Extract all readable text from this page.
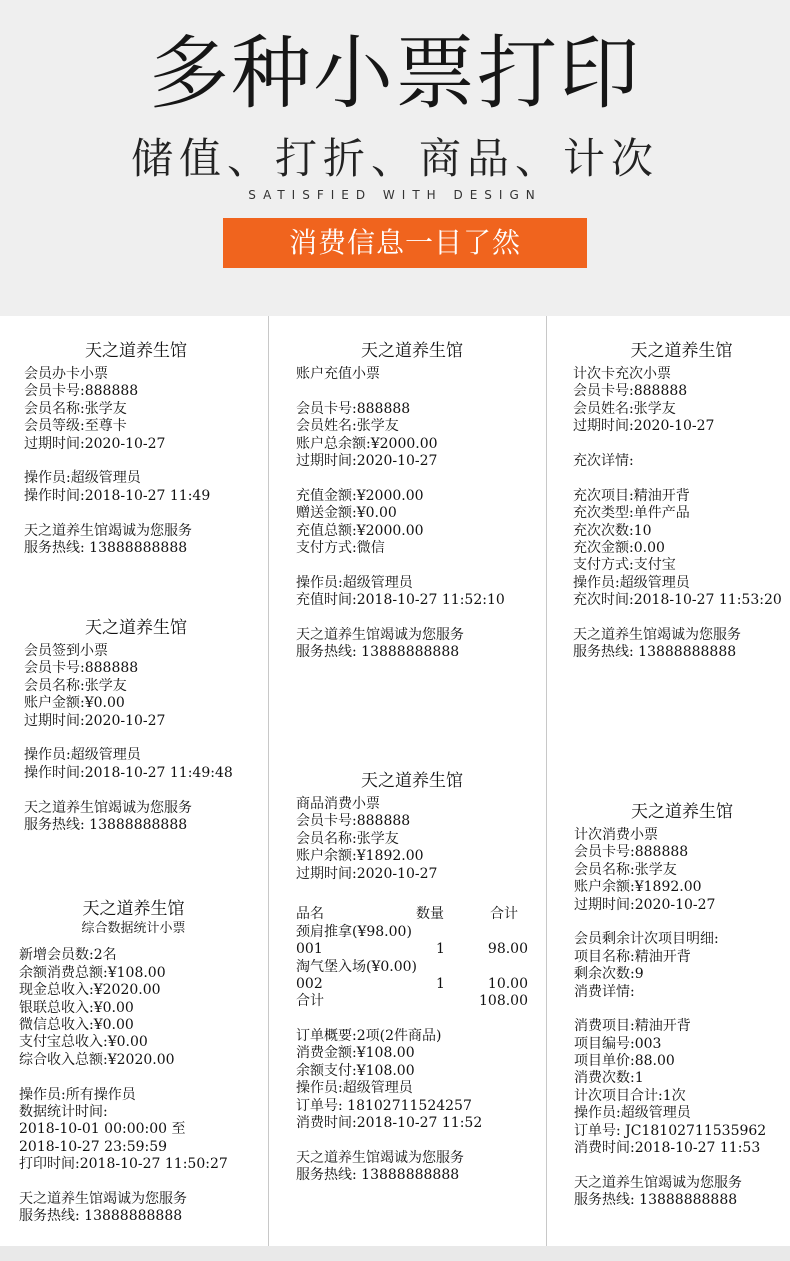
多种小票打印
储值、打折、商品、计次
SATISFIED WITH DESIGN
消费信息一目了然
天之道养生馆
会员办卡小票
会员卡号:888888
会员名称:张学友
会员等级:至尊卡
过期时间:2020-10-27
操作员:超级管理员
操作时间:2018-10-27 11:49
天之道养生馆竭诚为您服务
服务热线: 13888888888
天之道养生馆
会员签到小票
会员卡号:888888
会员名称:张学友
账户金额:¥0.00
过期时间:2020-10-27
操作员:超级管理员
操作时间:2018-10-27 11:49:48
天之道养生馆竭诚为您服务
服务热线: 13888888888
天之道养生馆
综合数据统计小票
新增会员数:2名
余额消费总额:¥108.00
现金总收入:¥2020.00
银联总收入:¥0.00
微信总收入:¥0.00
支付宝总收入:¥0.00
综合收入总额:¥2020.00
操作员:所有操作员
数据统计时间:
2018-10-01 00:00:00 至
2018-10-27 23:59:59
打印时间:2018-10-27 11:50:27
天之道养生馆竭诚为您服务
服务热线: 13888888888
天之道养生馆
账户充值小票
会员卡号:888888
会员姓名:张学友
账户总余额:¥2000.00
过期时间:2020-10-27
充值金额:¥2000.00
赠送金额:¥0.00
充值总额:¥2000.00
支付方式:微信
操作员:超级管理员
充值时间:2018-10-27 11:52:10
天之道养生馆竭诚为您服务
服务热线: 13888888888
天之道养生馆
商品消费小票
会员卡号:888888
会员名称:张学友
账户余额:¥1892.00
过期时间:2020-10-27
品名	数量	合计
颈肩推拿(¥98.00)
001	1	98.00
淘气堡入场(¥0.00)
002	1	10.00
合计	108.00
订单概要:2项(2件商品)
消费金额:¥108.00
余额支付:¥108.00
操作员:超级管理员
订单号: 18102711524257
消费时间:2018-10-27 11:52
天之道养生馆竭诚为您服务
服务热线: 13888888888
天之道养生馆
计次卡充次小票
会员卡号:888888
会员姓名:张学友
过期时间:2020-10-27
充次详情:
充次项目:精油开背
充次类型:单件产品
充次次数:10
充次金额:0.00
支付方式:支付宝
操作员:超级管理员
充次时间:2018-10-27 11:53:20
天之道养生馆竭诚为您服务
服务热线: 13888888888
天之道养生馆
计次消费小票
会员卡号:888888
会员名称:张学友
账户余额:¥1892.00
过期时间:2020-10-27
会员剩余计次项目明细:
项目名称:精油开背
剩余次数:9
消费详情:
消费项目:精油开背
项目编号:003
项目单价:88.00
消费次数:1
计次项目合计:1次
操作员:超级管理员
订单号: JC18102711535962
消费时间:2018-10-27 11:53
天之道养生馆竭诚为您服务
服务热线: 13888888888
